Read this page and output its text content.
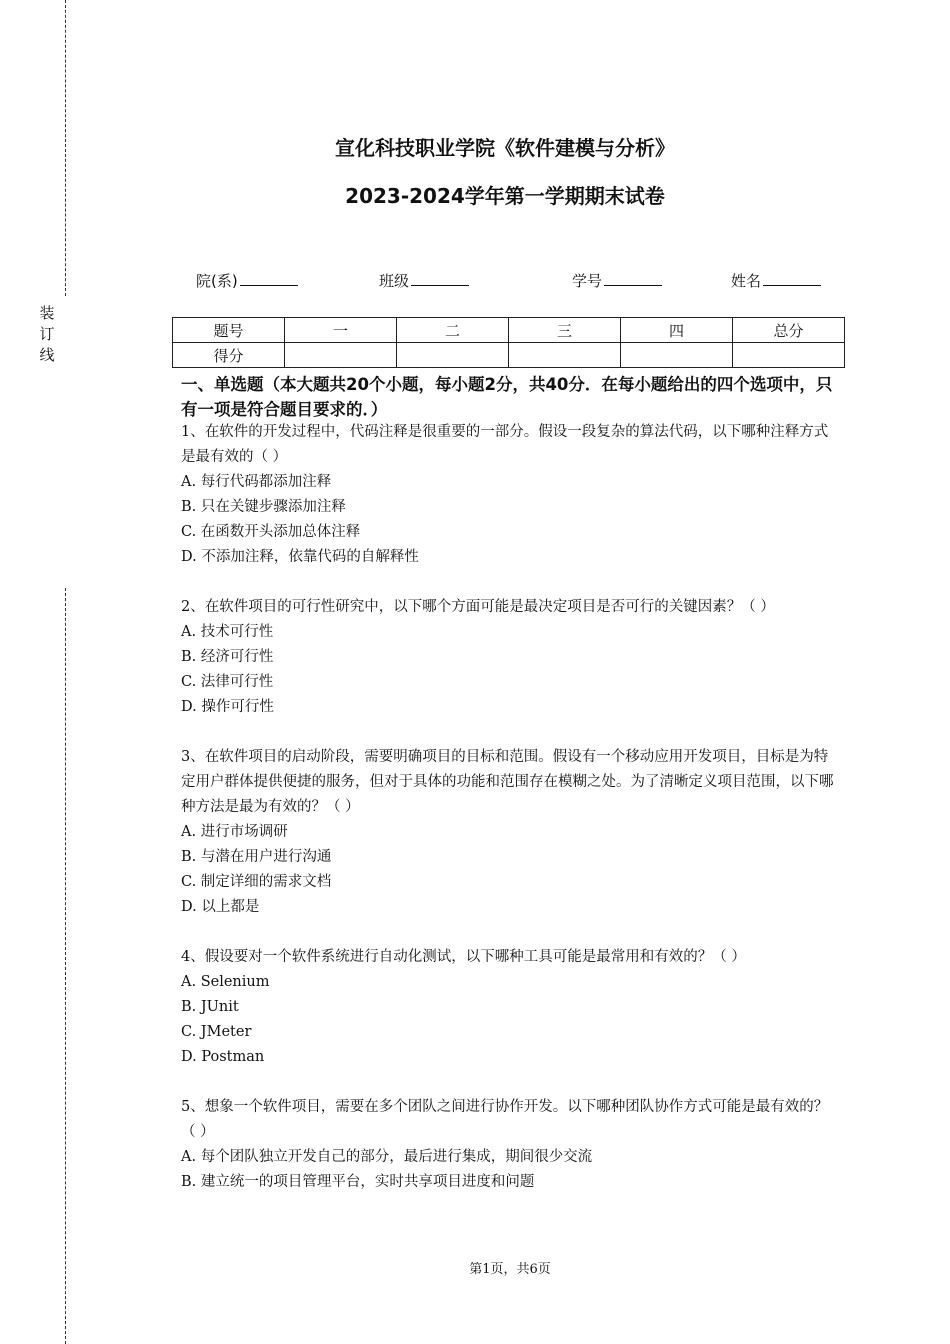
装
订
线
宣化科技职业学院《软件建模与分析》
2023-2024学年第一学期期末试卷
院(系)	班级	学号	姓名
题号	一	二	三	四	总分
得分					
一、单选题（本大题共20个小题，每小题2分，共40分．在每小题给出的四个选项中，只有一项是符合题目要求的．）

1、在软件的开发过程中，代码注释是很重要的一部分。假设一段复杂的算法代码，以下哪种注释方式是最有效的（ ）

A. 每行代码都添加注释

B. 只在关键步骤添加注释

C. 在函数开头添加总体注释

D. 不添加注释，依靠代码的自解释性

2、在软件项目的可行性研究中，以下哪个方面可能是最决定项目是否可行的关键因素？（ ）

A. 技术可行性

B. 经济可行性

C. 法律可行性

D. 操作可行性

3、在软件项目的启动阶段，需要明确项目的目标和范围。假设有一个移动应用开发项目，目标是为特定用户群体提供便捷的服务，但对于具体的功能和范围存在模糊之处。为了清晰定义项目范围，以下哪种方法是最为有效的？（ ）

A. 进行市场调研

B. 与潜在用户进行沟通

C. 制定详细的需求文档

D. 以上都是

4、假设要对一个软件系统进行自动化测试，以下哪种工具可能是最常用和有效的？（ ）

A. Selenium

B. JUnit

C. JMeter

D. Postman

5、想象一个软件项目，需要在多个团队之间进行协作开发。以下哪种团队协作方式可能是最有效的？（ ）

A. 每个团队独立开发自己的部分，最后进行集成，期间很少交流

B. 建立统一的项目管理平台，实时共享项目进度和问题

第1页，共6页
